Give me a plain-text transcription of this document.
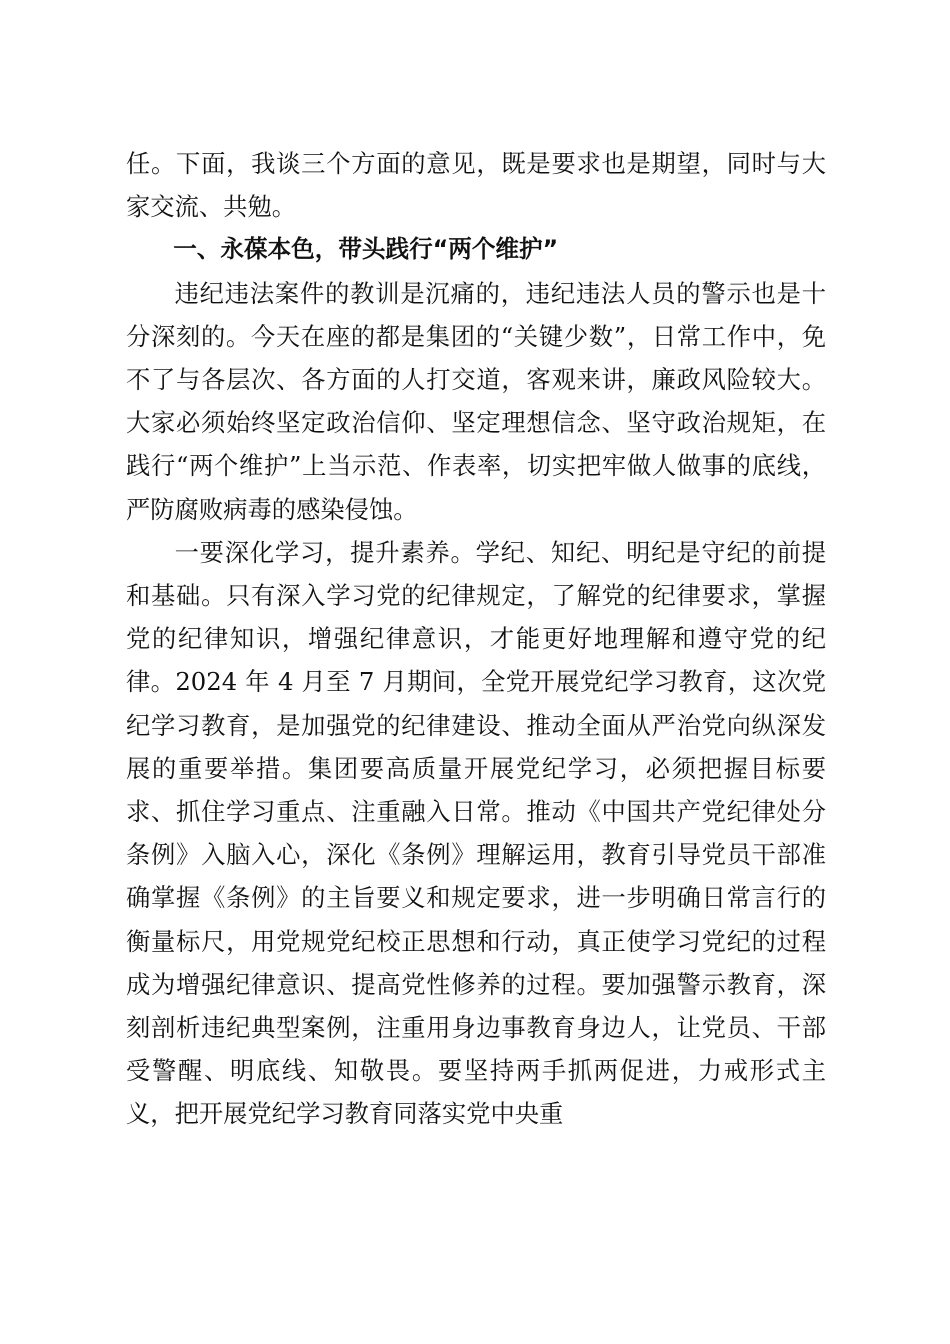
任。下面，我谈三个方面的意见，既是要求也是期望，同时与大家交流、共勉。

一、永葆本色，带头践行“两个维护”

违纪违法案件的教训是沉痛的，违纪违法人员的警示也是十分深刻的。今天在座的都是集团的“关键少数”，日常工作中，免不了与各层次、各方面的人打交道，客观来讲，廉政风险较大。大家必须始终坚定政治信仰、坚定理想信念、坚守政治规矩，在践行“两个维护”上当示范、作表率，切实把牢做人做事的底线，严防腐败病毒的感染侵蚀。

一要深化学习，提升素养。学纪、知纪、明纪是守纪的前提和基础。只有深入学习党的纪律规定，了解党的纪律要求，掌握党的纪律知识，增强纪律意识，才能更好地理解和遵守党的纪律。2024 年 4 月至 7 月期间，全党开展党纪学习教育，这次党纪学习教育，是加强党的纪律建设、推动全面从严治党向纵深发展的重要举措。集团要高质量开展党纪学习，必须把握目标要求、抓住学习重点、注重融入日常。推动《中国共产党纪律处分条例》入脑入心，深化《条例》理解运用，教育引导党员干部准确掌握《条例》的主旨要义和规定要求，进一步明确日常言行的衡量标尺，用党规党纪校正思想和行动，真正使学习党纪的过程成为增强纪律意识、提高党性修养的过程。要加强警示教育，深刻剖析违纪典型案例，注重用身边事教育身边人，让党员、干部受警醒、明底线、知敬畏。要坚持两手抓两促进，力戒形式主义，把开展党纪学习教育同落实党中央重
